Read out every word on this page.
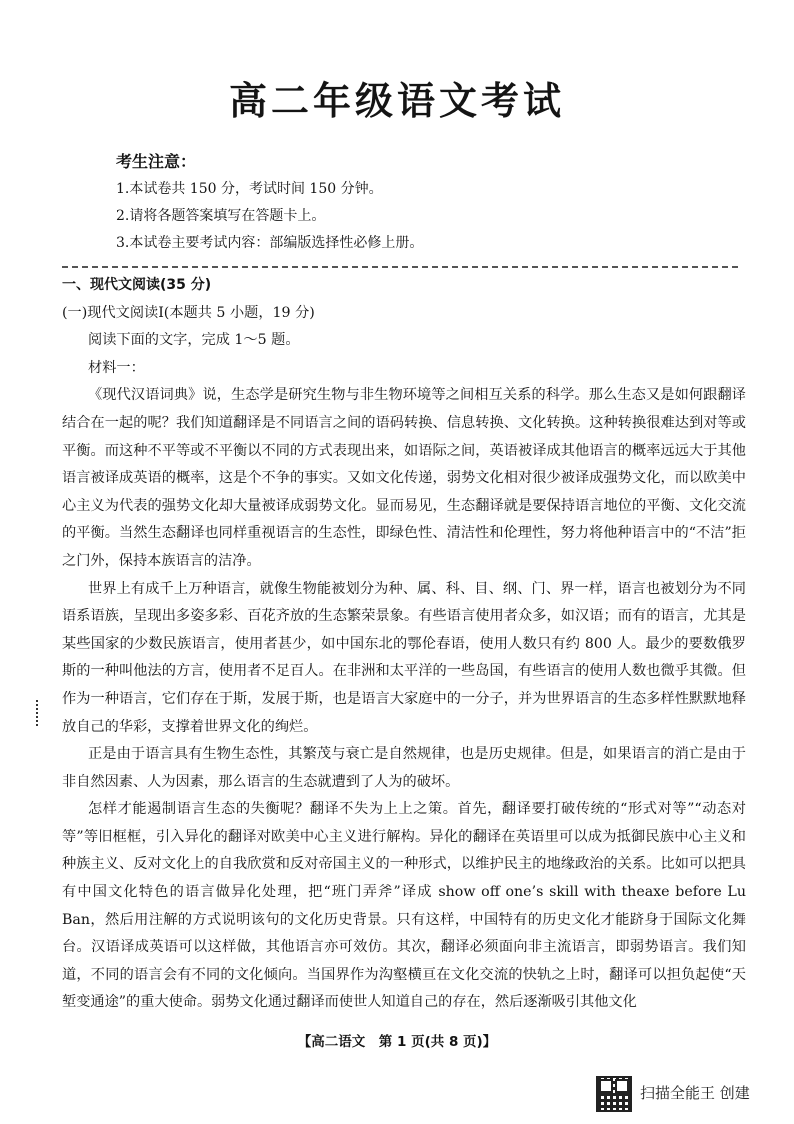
高二年级语文考试
考生注意：
1.本试卷共 150 分，考试时间 150 分钟。
2.请将各题答案填写在答题卡上。
3.本试卷主要考试内容：部编版选择性必修上册。

一、现代文阅读(35 分)

(一)现代文阅读Ⅰ(本题共 5 小题，19 分)

阅读下面的文字，完成 1～5 题。

材料一：

《现代汉语词典》说，生态学是研究生物与非生物环境等之间相互关系的科学。那么生态又是如何跟翻译结合在一起的呢？我们知道翻译是不同语言之间的语码转换、信息转换、文化转换。这种转换很难达到对等或平衡。而这种不平等或不平衡以不同的方式表现出来，如语际之间，英语被译成其他语言的概率远远大于其他语言被译成英语的概率，这是个不争的事实。又如文化传递，弱势文化相对很少被译成强势文化，而以欧美中心主义为代表的强势文化却大量被译成弱势文化。显而易见，生态翻译就是要保持语言地位的平衡、文化交流的平衡。当然生态翻译也同样重视语言的生态性，即绿色性、清洁性和伦理性，努力将他种语言中的“不洁”拒之门外，保持本族语言的洁净。

世界上有成千上万种语言，就像生物能被划分为种、属、科、目、纲、门、界一样，语言也被划分为不同语系语族，呈现出多姿多彩、百花齐放的生态繁荣景象。有些语言使用者众多，如汉语；而有的语言，尤其是某些国家的少数民族语言，使用者甚少，如中国东北的鄂伦春语，使用人数只有约 800 人。最少的要数俄罗斯的一种叫他法的方言，使用者不足百人。在非洲和太平洋的一些岛国，有些语言的使用人数也微乎其微。但作为一种语言，它们存在于斯，发展于斯，也是语言大家庭中的一分子，并为世界语言的生态多样性默默地释放自己的华彩，支撑着世界文化的绚烂。

正是由于语言具有生物生态性，其繁茂与衰亡是自然规律，也是历史规律。但是，如果语言的消亡是由于非自然因素、人为因素，那么语言的生态就遭到了人为的破坏。

怎样才能遏制语言生态的失衡呢？翻译不失为上上之策。首先，翻译要打破传统的“形式对等”“动态对等”等旧框框，引入异化的翻译对欧美中心主义进行解构。异化的翻译在英语里可以成为抵御民族中心主义和种族主义、反对文化上的自我欣赏和反对帝国主义的一种形式，以维护民主的地缘政治的关系。比如可以把具有中国文化特色的语言做异化处理，把“班门弄斧”译成 show off one’s skill with theaxe before Lu Ban，然后用注解的方式说明该句的文化历史背景。只有这样，中国特有的历史文化才能跻身于国际文化舞台。汉语译成英语可以这样做，其他语言亦可效仿。其次，翻译必须面向非主流语言，即弱势语言。我们知道，不同的语言会有不同的文化倾向。当国界作为沟壑横亘在文化交流的快轨之上时，翻译可以担负起使“天堑变通途”的重大使命。弱势文化通过翻译而使世人知道自己的存在，然后逐渐吸引其他文化

【高二语文　第 1 页(共 8 页)】
扫描全能王 创建
